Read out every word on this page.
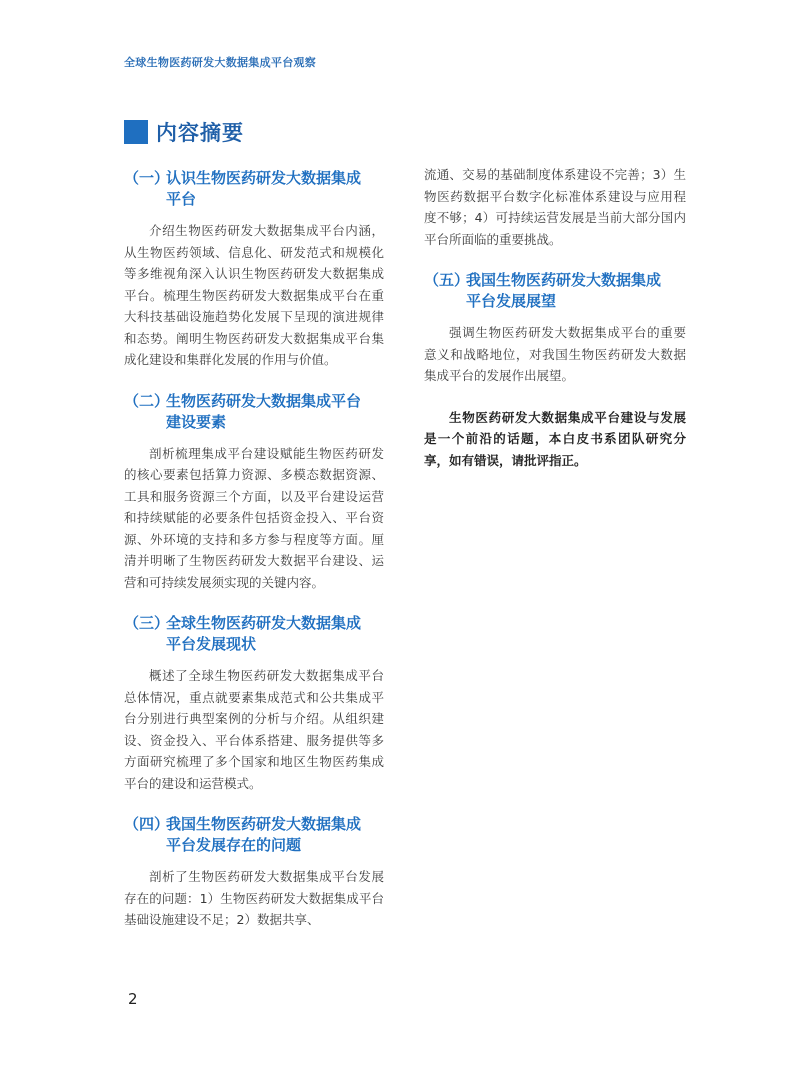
全球生物医药研发大数据集成平台观察
内容摘要
（一）认识生物医药研发大数据集成
平台

介绍生物医药研发大数据集成平台内涵，从生物医药领域、信息化、研发范式和规模化等多维视角深入认识生物医药研发大数据集成平台。梳理生物医药研发大数据集成平台在重大科技基础设施趋势化发展下呈现的演进规律和态势。阐明生物医药研发大数据集成平台集成化建设和集群化发展的作用与价值。

（二）生物医药研发大数据集成平台
建设要素

剖析梳理集成平台建设赋能生物医药研发的核心要素包括算力资源、多模态数据资源、工具和服务资源三个方面，以及平台建设运营和持续赋能的必要条件包括资金投入、平台资源、外环境的支持和多方参与程度等方面。厘清并明晰了生物医药研发大数据平台建设、运营和可持续发展须实现的关键内容。

（三）全球生物医药研发大数据集成
平台发展现状

概述了全球生物医药研发大数据集成平台总体情况，重点就要素集成范式和公共集成平台分别进行典型案例的分析与介绍。从组织建设、资金投入、平台体系搭建、服务提供等多方面研究梳理了多个国家和地区生物医药集成平台的建设和运营模式。

（四）我国生物医药研发大数据集成
平台发展存在的问题

剖析了生物医药研发大数据集成平台发展存在的问题：1）生物医药研发大数据集成平台基础设施建设不足；2）数据共享、

流通、交易的基础制度体系建设不完善；3）生物医药数据平台数字化标准体系建设与应用程度不够；4）可持续运营发展是当前大部分国内平台所面临的重要挑战。

（五）我国生物医药研发大数据集成
平台发展展望

强调生物医药研发大数据集成平台的重要意义和战略地位，对我国生物医药研发大数据集成平台的发展作出展望。

生物医药研发大数据集成平台建设与发展是一个前沿的话题，本白皮书系团队研究分享，如有错误，请批评指正。

2
